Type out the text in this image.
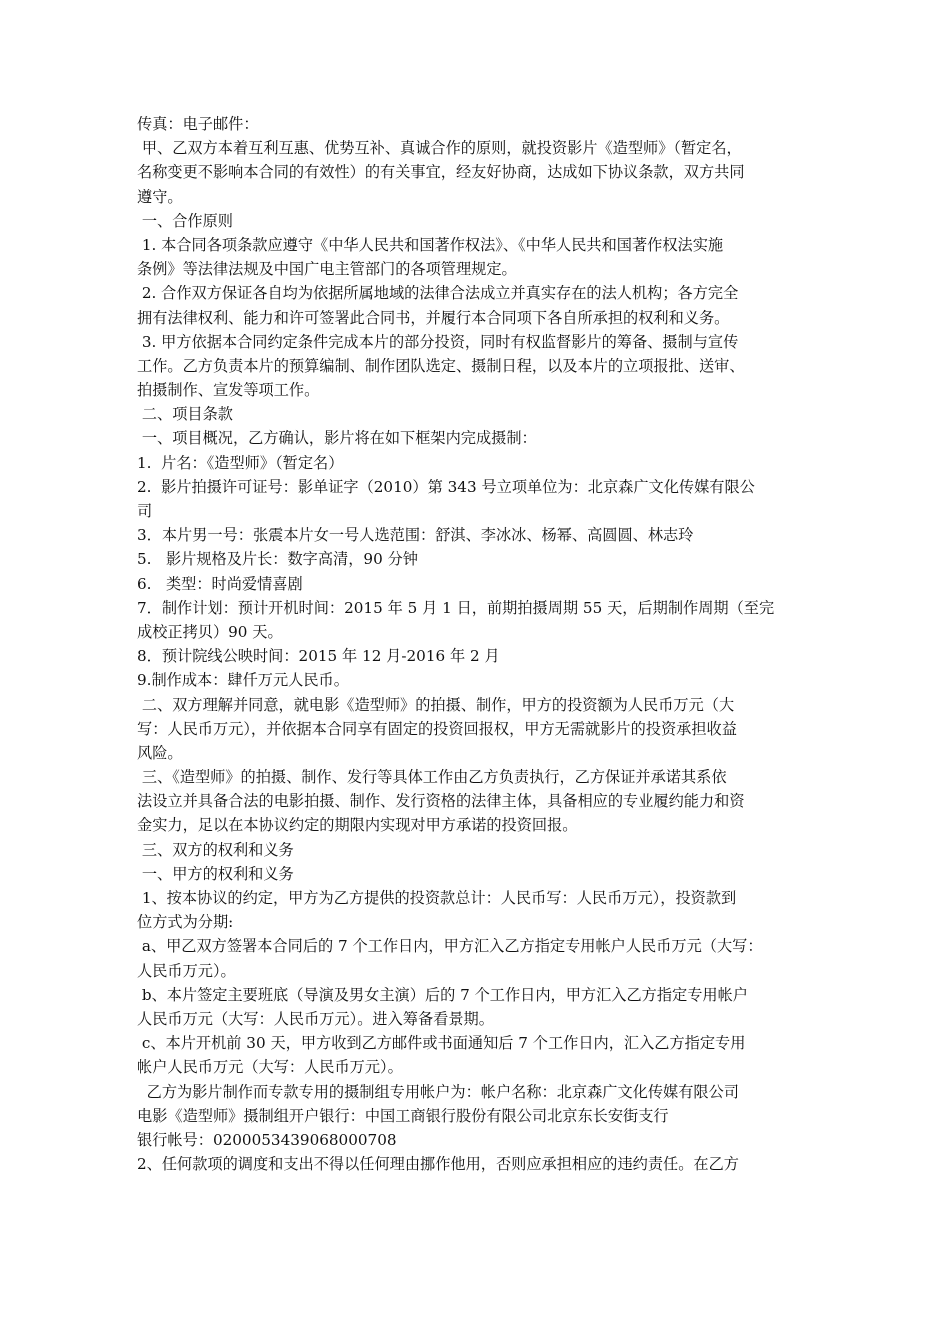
传真：电子邮件：
甲、乙双方本着互利互惠、优势互补、真诚合作的原则，就投资影片《造型师》（暂定名，
名称变更不影响本合同的有效性）的有关事宜，经友好协商，达成如下协议条款，双方共同
遵守。
一、合作原则
1. 本合同各项条款应遵守《中华人民共和国著作权法》、《中华人民共和国著作权法实施
条例》等法律法规及中国广电主管部门的各项管理规定。
2. 合作双方保证各自均为依据所属地域的法律合法成立并真实存在的法人机构；各方完全
拥有法律权利、能力和许可签署此合同书，并履行本合同项下各自所承担的权利和义务。
3. 甲方依据本合同约定条件完成本片的部分投资，同时有权监督影片的筹备、摄制与宣传
工作。乙方负责本片的预算编制、制作团队选定、摄制日程，以及本片的立项报批、送审、
拍摄制作、宣发等项工作。
二、项目条款
一、项目概况，乙方确认，影片将在如下框架内完成摄制：
1.  片名：《造型师》（暂定名）
2.  影片拍摄许可证号：影单证字（2010）第 343 号立项单位为：北京森广文化传媒有限公
司
3．本片男一号：张震本片女一号人选范围：舒淇、李冰冰、杨幂、高圆圆、林志玲
5.   影片规格及片长：数字高清，90 分钟
6.   类型：时尚爱情喜剧
7．制作计划：预计开机时间：2015 年 5 月 1 日，前期拍摄周期 55 天，后期制作周期（至完
成校正拷贝）90 天。
8．预计院线公映时间：2015 年 12 月-2016 年 2 月
9.制作成本：肆仟万元人民币。
二、双方理解并同意，就电影《造型师》的拍摄、制作，甲方的投资额为人民币万元（大
写：人民币万元），并依据本合同享有固定的投资回报权，甲方无需就影片的投资承担收益
风险。
三、《造型师》的拍摄、制作、发行等具体工作由乙方负责执行，乙方保证并承诺其系依
法设立并具备合法的电影拍摄、制作、发行资格的法律主体，具备相应的专业履约能力和资
金实力，足以在本协议约定的期限内实现对甲方承诺的投资回报。
三、双方的权利和义务
一、甲方的权利和义务
1、按本协议的约定，甲方为乙方提供的投资款总计：人民币写：人民币万元），投资款到
位方式为分期:
a、甲乙双方签署本合同后的 7 个工作日内，甲方汇入乙方指定专用帐户人民币万元（大写：
人民币万元）。
b、本片签定主要班底（导演及男女主演）后的 7 个工作日内，甲方汇入乙方指定专用帐户
人民币万元（大写：人民币万元）。进入筹备看景期。
c、本片开机前 30 天，甲方收到乙方邮件或书面通知后 7 个工作日内，汇入乙方指定专用
帐户人民币万元（大写：人民币万元）。
乙方为影片制作而专款专用的摄制组专用帐户为：帐户名称：北京森广文化传媒有限公司
电影《造型师》摄制组开户银行：中国工商银行股份有限公司北京东长安街支行
银行帐号：0200053439068000708
2、任何款项的调度和支出不得以任何理由挪作他用，否则应承担相应的违约责任。在乙方
